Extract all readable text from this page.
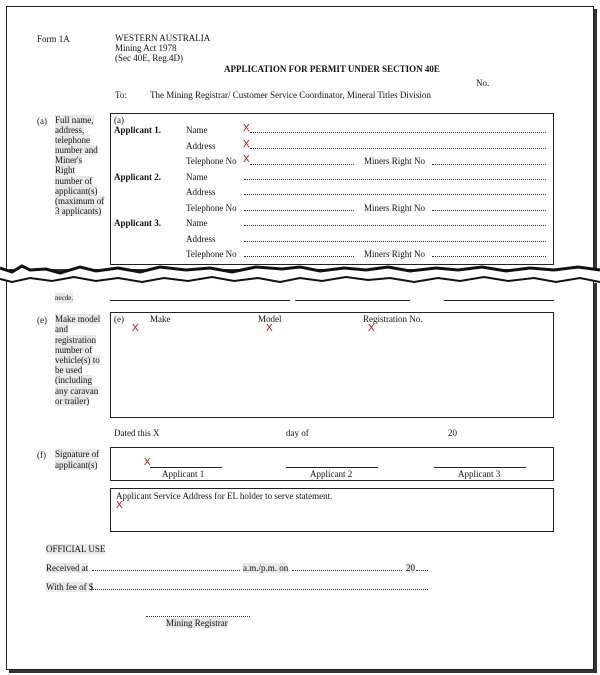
Form 1A	WESTERN AUSTRALIA
Mining Act 1978
(Sec 40E, Reg.4D)
APPLICATION FOR PERMIT UNDER SECTION 40E
No.
To:	The Mining Registrar/ Customer Service Coordinator, Mineral Titles Division
(a) Full name,
address,
telephone
number and
Miner's
Right
number of
applicant(s)
(maximum of
3 applicants)
(a)
Applicant 1.	Name	X
Address	X
Telephone No X	Miners Right No
Applicant 2.	Name
Address
Telephone No	Miners Right No
Applicant 3.	Name
Address
Telephone No	Miners Right No
necde.
(e) Make model
and
registration
number of
vehicle(s) to
be used
(including
any caravan
or trailer)
(e)	Make	Model	Registration No.
X	X	X
Dated this X	day of	20
(f) Signature of
applicant(s)	X
Applicant 1	Applicant 2	Applicant 3
Applicant Service Address for EL holder to serve statement.
X
OFFICIAL USE
Received at	a.m./p.m. on	20
With fee of $
Mining Registrar
